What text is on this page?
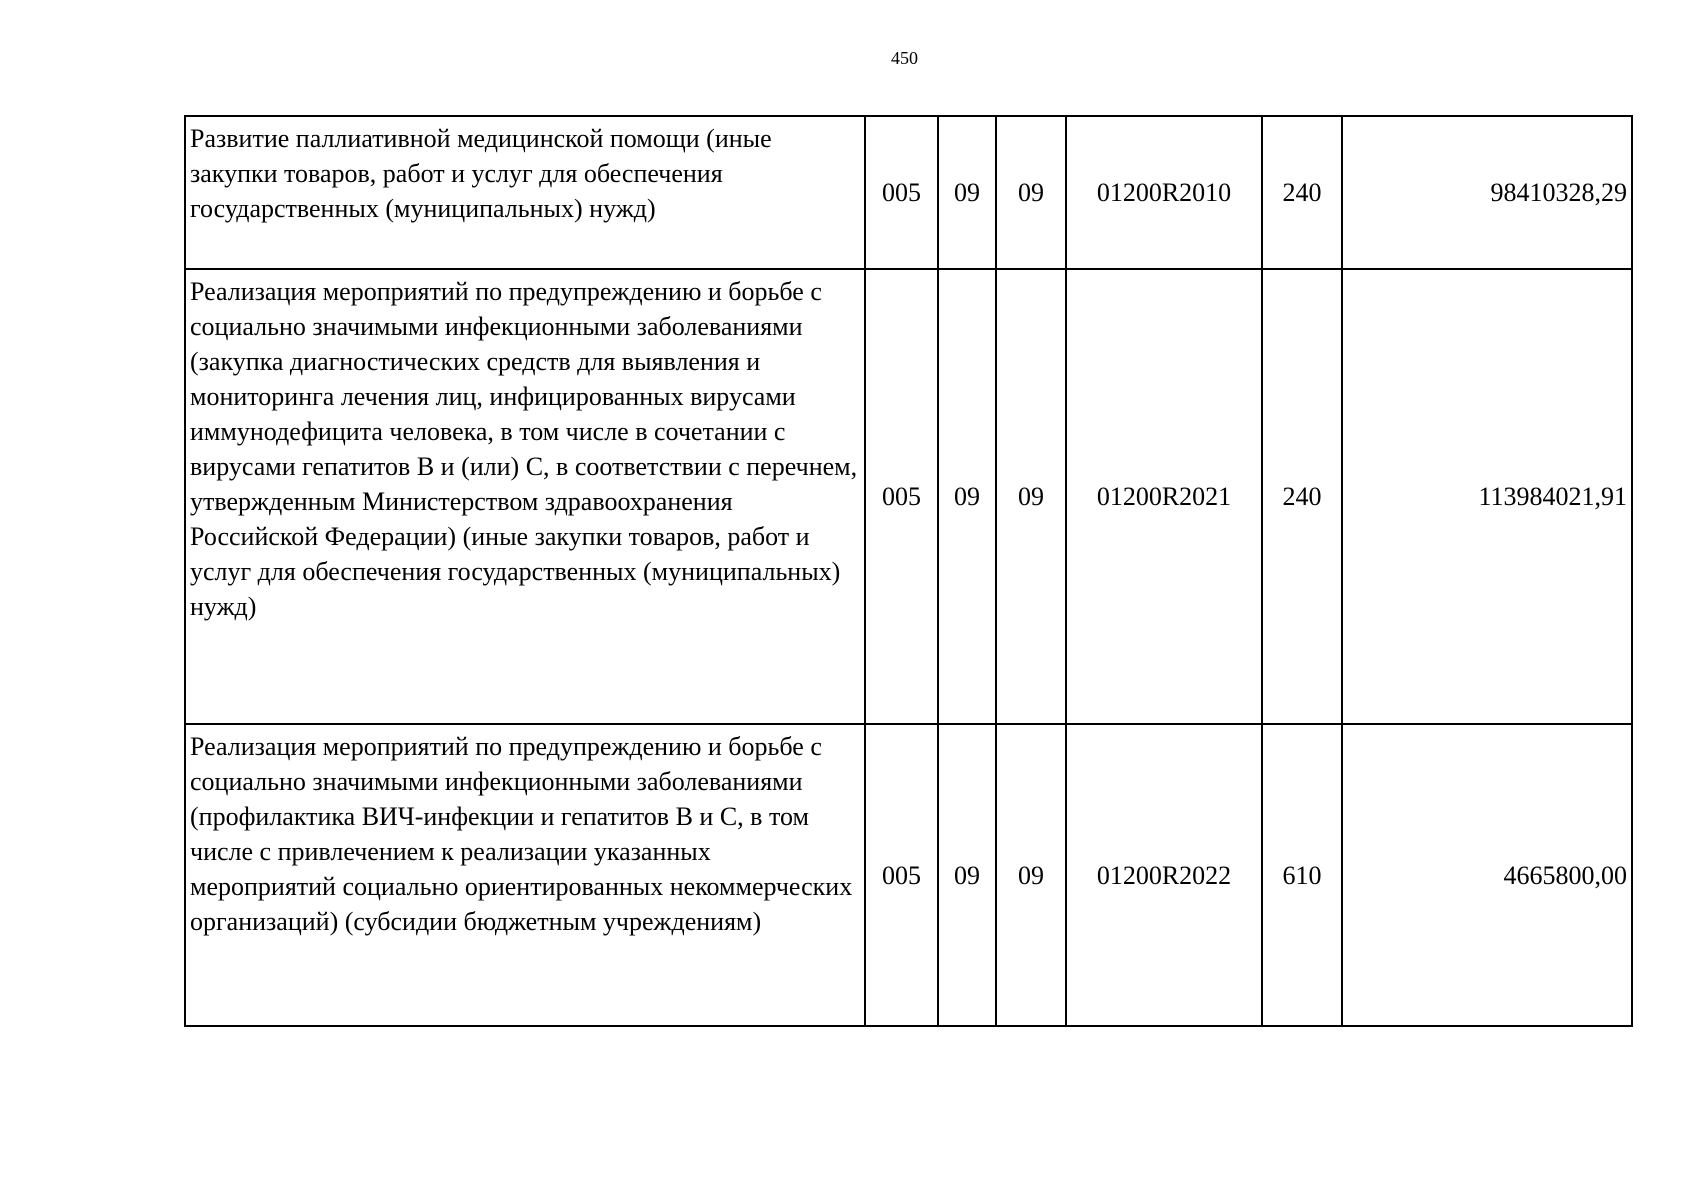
450
Развитие паллиативной медицинской помощи (иные закупки товаров, работ и услуг для обеспечения государственных (муниципальных) нужд)	005	09	09	01200R2010	240	98410328,29
Реализация мероприятий по предупреждению и борьбе с социально значимыми инфекционными заболеваниями (закупка диагностических средств для выявления и мониторинга лечения лиц, инфицированных вирусами иммунодефицита человека, в том числе в сочетании с вирусами гепатитов B и (или) C, в соответствии с перечнем, утвержденным Министерством здравоохранения Российской Федерации) (иные закупки товаров, работ и услуг для обеспечения государственных (муниципальных) нужд)	005	09	09	01200R2021	240	113984021,91
Реализация мероприятий по предупреждению и борьбе с социально значимыми инфекционными заболеваниями (профилактика ВИЧ-инфекции и гепатитов B и C, в том числе с привлечением к реализации указанных мероприятий социально ориентированных некоммерческих организаций) (субсидии бюджетным учреждениям)	005	09	09	01200R2022	610	4665800,00
